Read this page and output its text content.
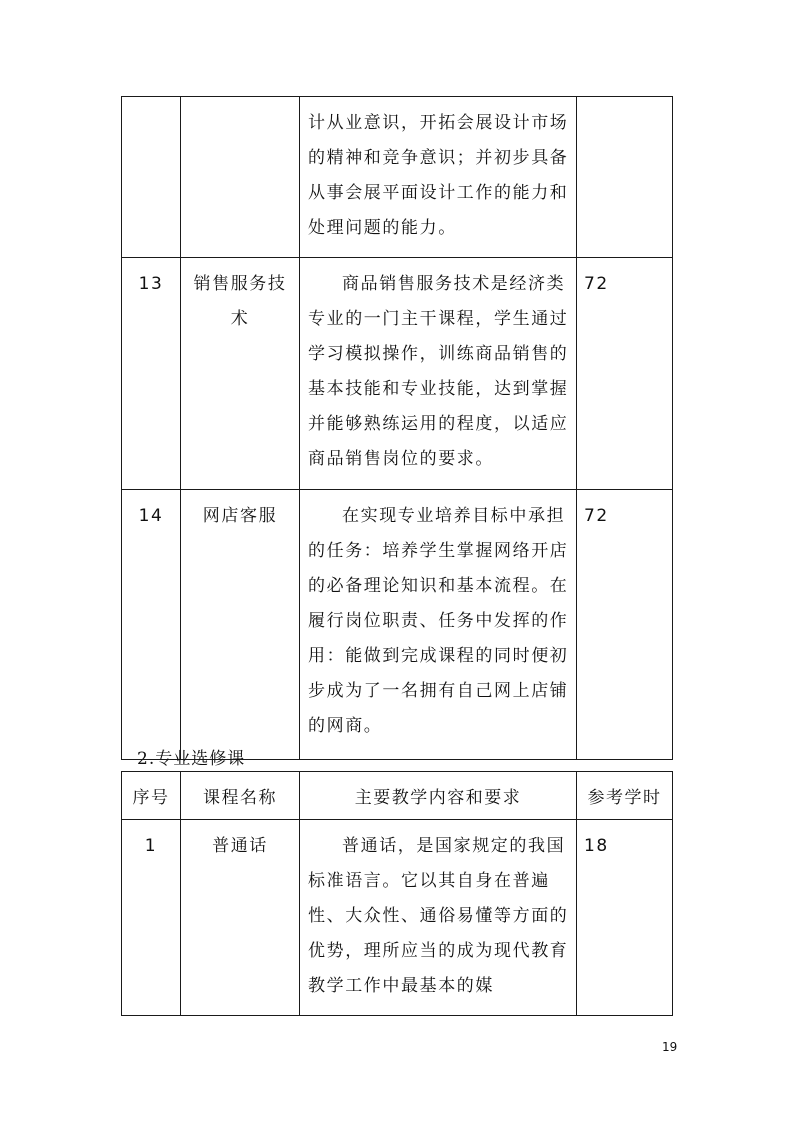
		计从业意识，开拓会展设计市场的精神和竞争意识；并初步具备从事会展平面设计工作的能力和处理问题的能力。	
13	销售服务技术	商品销售服务技术是经济类专业的一门主干课程，学生通过学习模拟操作，训练商品销售的基本技能和专业技能，达到掌握并能够熟练运用的程度，以适应商品销售岗位的要求。	72
14	网店客服	在实现专业培养目标中承担的任务：培养学生掌握网络开店的必备理论知识和基本流程。在履行岗位职责、任务中发挥的作用：能做到完成课程的同时便初步成为了一名拥有自己网上店铺的网商。	72
2.专业选修课
序号	课程名称	主要教学内容和要求	参考学时
1	普通话	普通话，是国家规定的我国标准语言。它以其自身在普遍性、大众性、通俗易懂等方面的优势，理所应当的成为现代教育教学工作中最基本的媒	18
19
